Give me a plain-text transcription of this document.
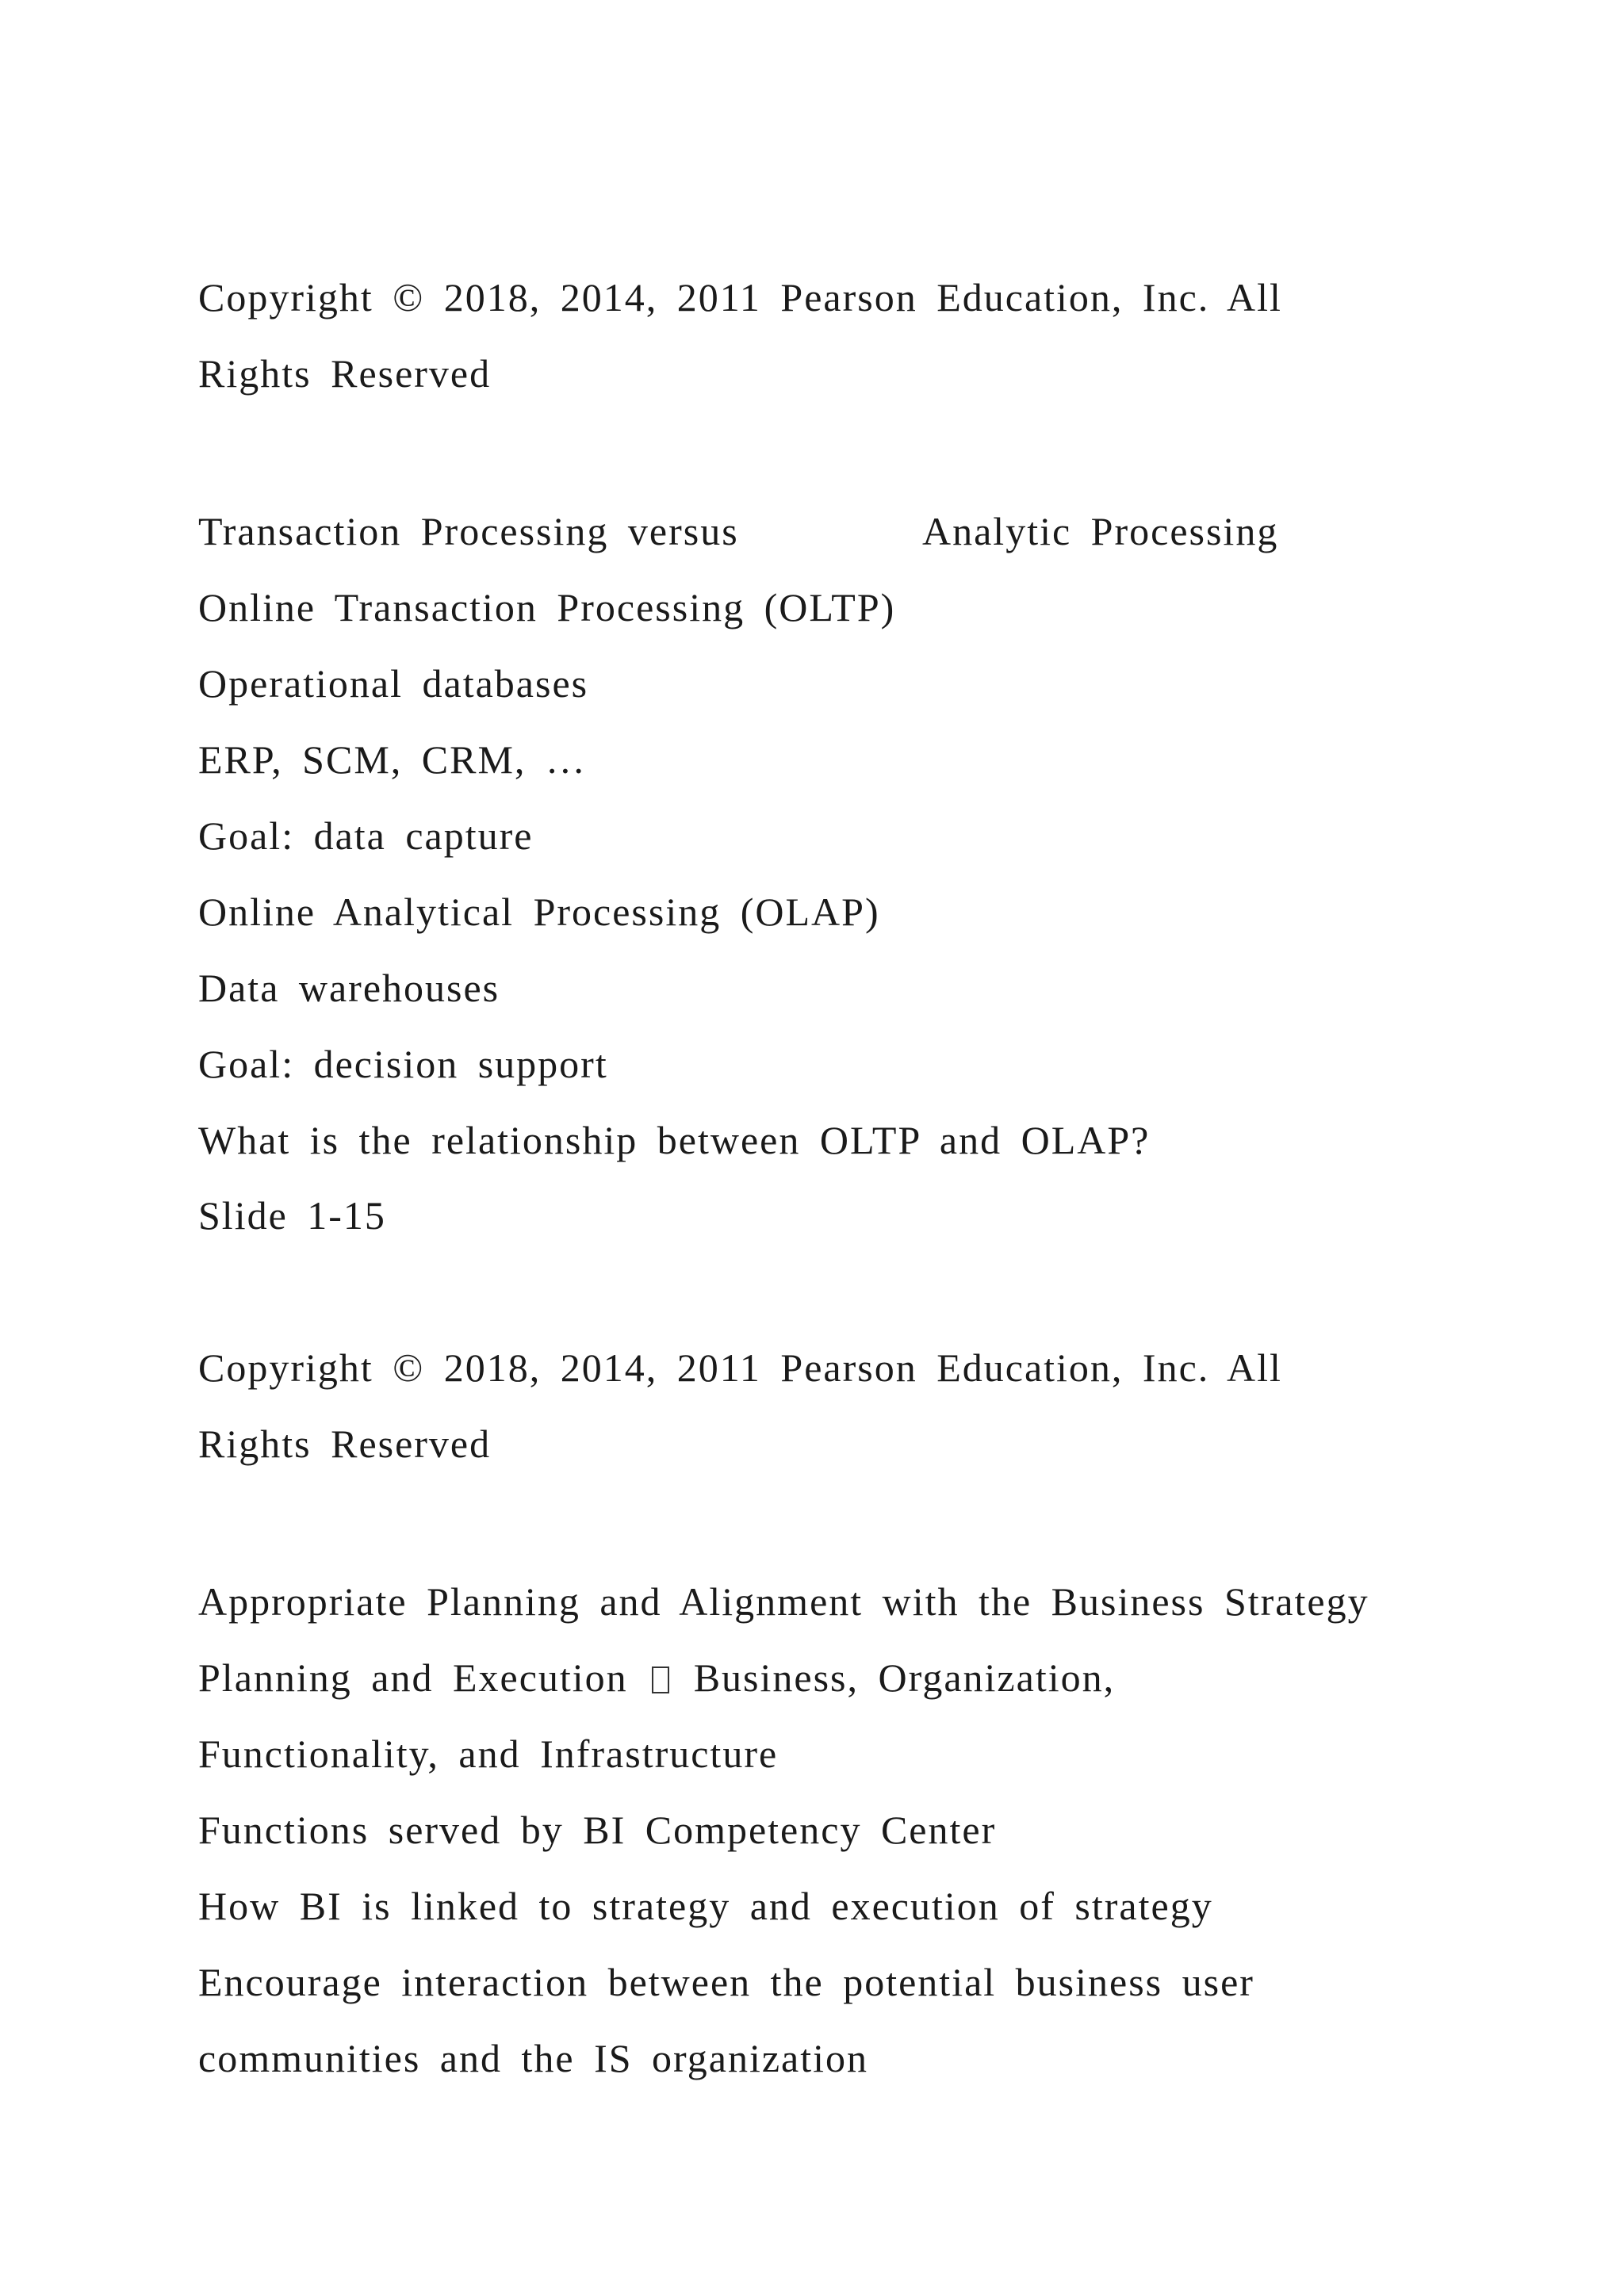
Copyright © 2018, 2014, 2011 Pearson Education, Inc. All

Rights Reserved

Transaction Processing versus	Analytic Processing

Online Transaction Processing (OLTP)

Operational databases

ERP, SCM, CRM, …

Goal: data capture

Online Analytical Processing (OLAP)

Data warehouses

Goal: decision support

What is the relationship between OLTP and OLAP?

Slide 1-15

Copyright © 2018, 2014, 2011 Pearson Education, Inc. All

Rights Reserved

Appropriate Planning and Alignment with the Business Strategy

Planning and Execution Business, Organization,

Functionality, and Infrastructure

Functions served by BI Competency Center

How BI is linked to strategy and execution of strategy

Encourage interaction between the potential business user

communities and the IS organization
